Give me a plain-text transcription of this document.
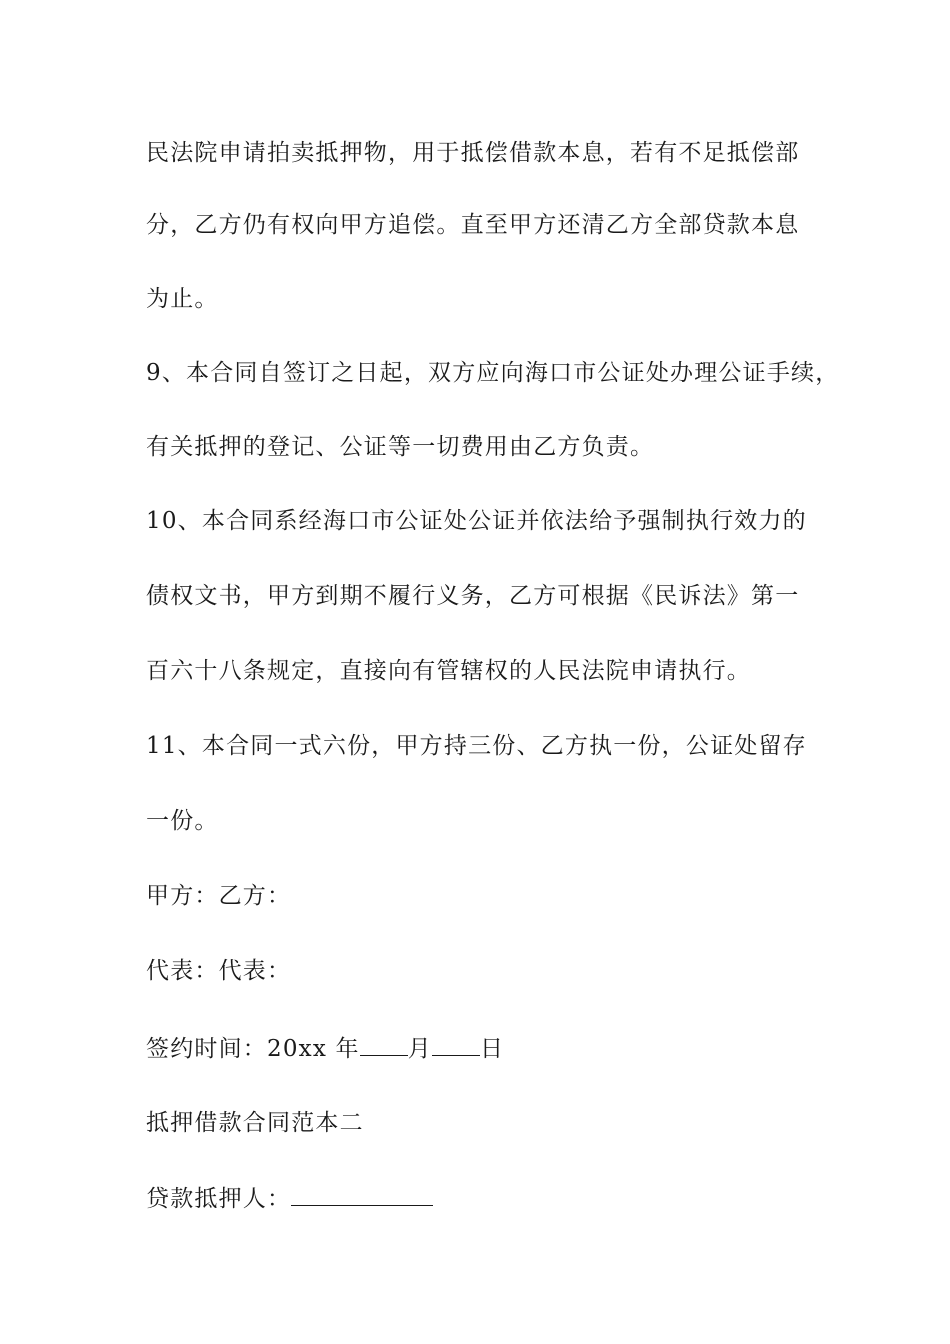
民法院申请拍卖抵押物，用于抵偿借款本息，若有不足抵偿部
分，乙方仍有权向甲方追偿。直至甲方还清乙方全部贷款本息
为止。
9、本合同自签订之日起，双方应向海口市公证处办理公证手续，
有关抵押的登记、公证等一切费用由乙方负责。
10、本合同系经海口市公证处公证并依法给予强制执行效力的
债权文书，甲方到期不履行义务，乙方可根据《民诉法》第一
百六十八条规定，直接向有管辖权的人民法院申请执行。
11、本合同一式六份，甲方持三份、乙方执一份，公证处留存
一份。
甲方：乙方：
代表：代表：
签约时间：20xx 年 月 日
抵押借款合同范本二
贷款抵押人：
